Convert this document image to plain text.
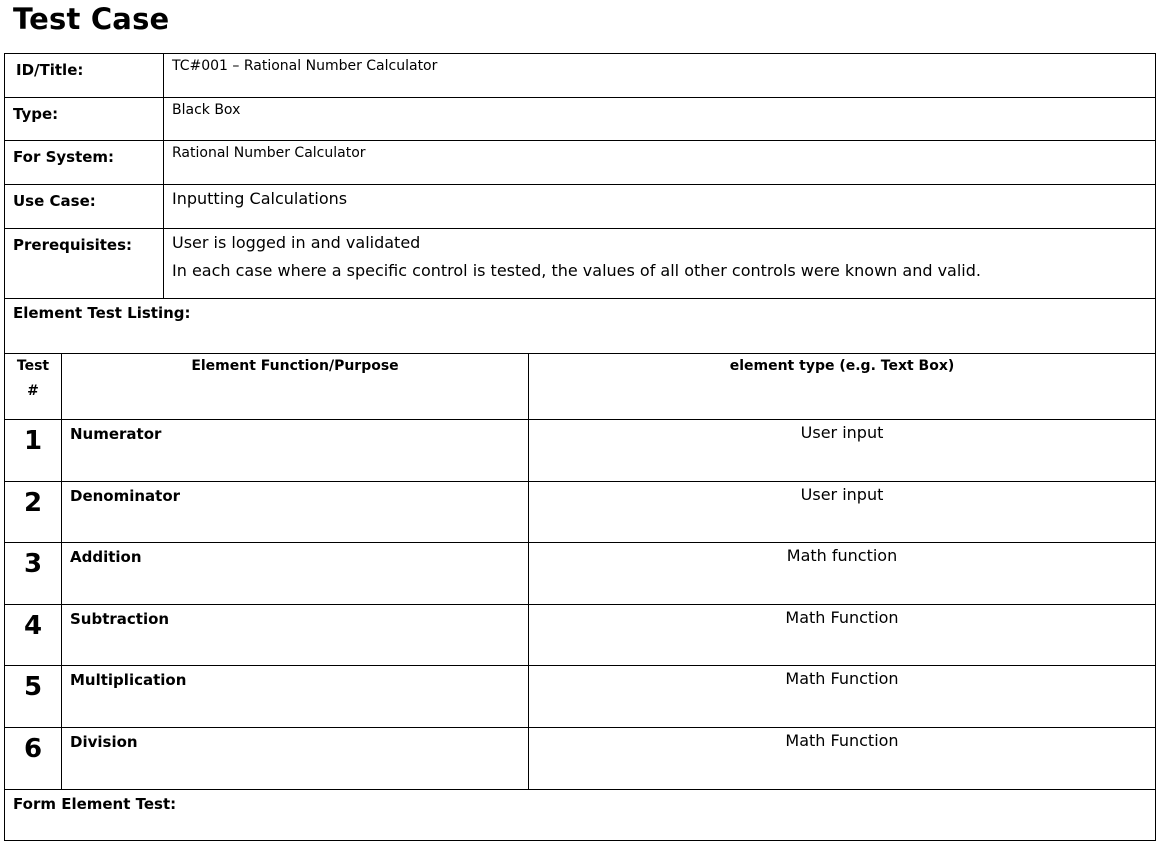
Test Case
ID/Title:	TC#001 – Rational Number Calculator
Type:	Black Box
For System:	Rational Number Calculator
Use Case:	Inputting Calculations
Prerequisites:	User is logged in and validated
In each case where a specific control is tested, the values of all other controls were known and valid.

Element Test Listing:	
Test
#	Element Function/Purpose	element type (e.g. Text Box)
1	Numerator	User input
2	Denominator	User input
3	Addition	Math function
4	Subtraction	Math Function
5	Multiplication	Math Function
6	Division	Math Function
Form Element Test:		
